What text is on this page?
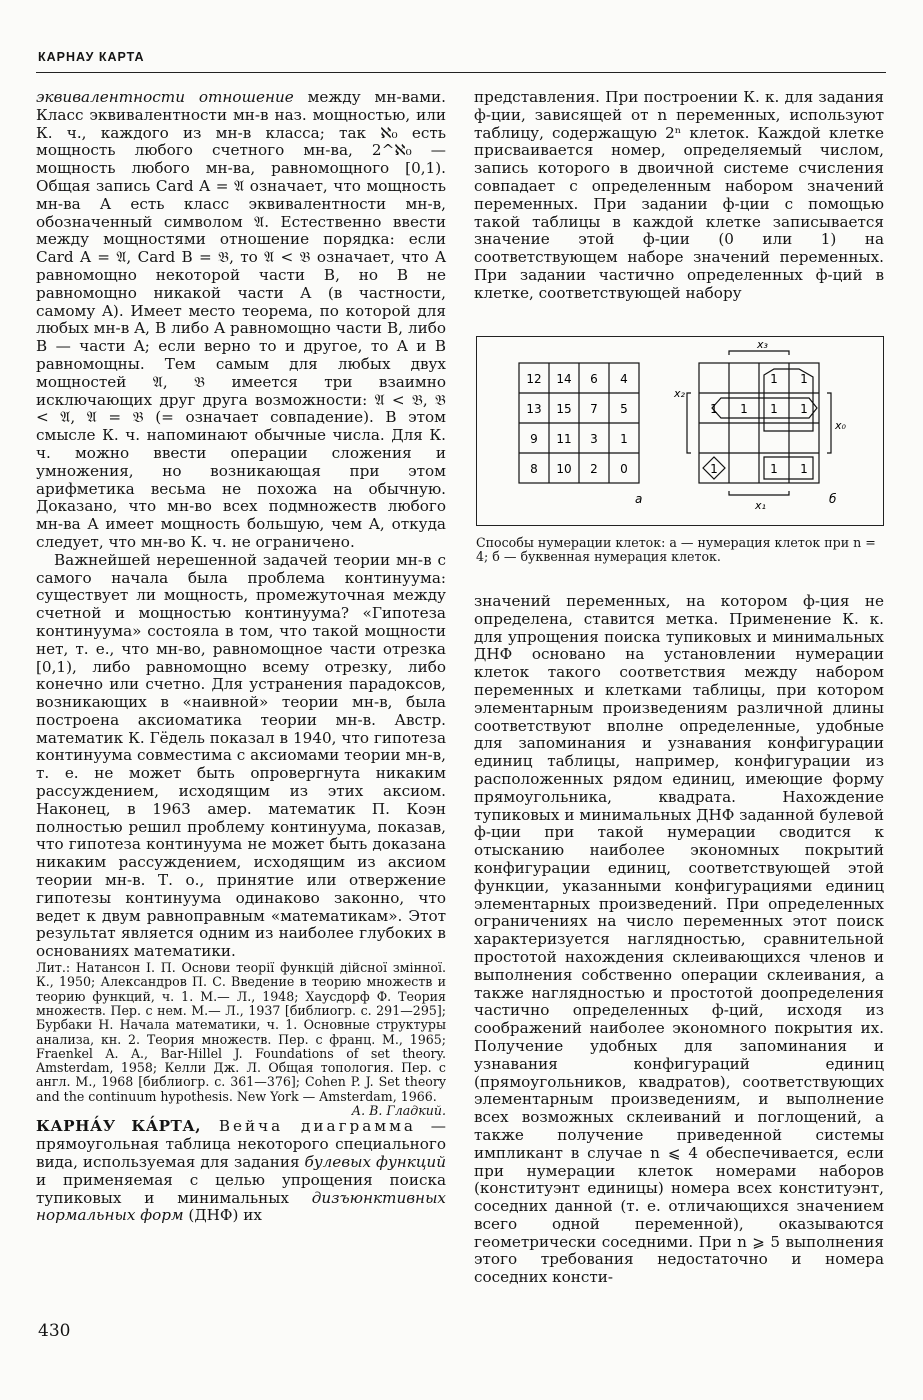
КАРНАУ КАРТА

эквивалентности отношение между мн-вами. Класс эквивалентности мн-в наз. мощностью, или К. ч., каждого из мн-в класса; так ℵ₀ есть мощность любого счетного мн-ва, 2^ℵ₀ — мощность любого мн-ва, равномощного [0,1). Общая запись Card A = 𝔄 означает, что мощность мн-ва A есть класс эквивалентности мн-в, обозначенный символом 𝔄. Естественно ввести между мощностями отношение порядка: если Card A = 𝔄, Card B = 𝔅, то 𝔄 < 𝔅 означает, что A равномощно некоторой части B, но B не равномощно никакой части A (в частности, самому A). Имеет место теорема, по которой для любых мн-в A, B либо A равномощно части B, либо B — части A; если верно то и другое, то A и B равномощны. Тем самым для любых двух мощностей 𝔄, 𝔅 имеется три взаимно исключающих друг друга возможности: 𝔄 < 𝔅, 𝔅 < 𝔄, 𝔄 = 𝔅 (= означает совпадение). В этом смысле К. ч. напоминают обычные числа. Для К. ч. можно ввести операции сложения и умножения, но возникающая при этом арифметика весьма не похожа на обычную. Доказано, что мн-во всех подмножеств любого мн-ва A имеет мощность большую, чем A, откуда следует, что мн-во К. ч. не ограничено.

Важнейшей нерешенной задачей теории мн-в с самого начала была проблема континуума: существует ли мощность, промежуточная между счетной и мощностью континуума? «Гипотеза континуума» состояла в том, что такой мощности нет, т. е., что мн-во, равномощное части отрезка [0,1), либо равномощно всему отрезку, либо конечно или счетно. Для устранения парадоксов, возникающих в «наивной» теории мн-в, была построена аксиоматика теории мн-в. Австр. математик К. Гёдель показал в 1940, что гипотеза континуума совместима с аксиомами теории мн-в, т. е. не может быть опровергнута никаким рассуждением, исходящим из этих аксиом. Наконец, в 1963 амер. математик П. Коэн полностью решил проблему континуума, показав, что гипотеза континуума не может быть доказана никаким рассуждением, исходящим из аксиом теории мн-в. Т. о., принятие или отвержение гипотезы континуума одинаково законно, что ведет к двум равноправным «математикам». Этот результат является одним из наиболее глубоких в основаниях математики.

Лит.: Натансон І. П. Основи теорії функцій дійсної змінної. К., 1950; Александров П. С. Введение в теорию множеств и теорию функций, ч. 1. М.— Л., 1948; Хаусдорф Ф. Теория множеств. Пер. с нем. М.— Л., 1937 [библиогр. с. 291—295]; Бурбаки Н. Начала математики, ч. 1. Основные структуры анализа, кн. 2. Теория множеств. Пер. с франц. М., 1965; Fraenkel A. A., Bar-Hillel J. Foundations of set theory. Amsterdam, 1958; Келли Дж. Л. Общая топология. Пер. с англ. М., 1968 [библиогр. с. 361—376]; Cohen P. J. Set theory and the continuum hypothesis. New York — Amsterdam, 1966.
А. В. Гладкий.

КАРНА́У КА́РТА, Вейча диаграмма — прямоугольная таблица некоторого специального вида, используемая для задания булевых функций и применяемая с целью упрощения поиска тупиковых и минимальных дизъюнктивных нормальных форм (ДНФ) их

представления. При построении К. к. для задания ф-ции, зависящей от n переменных, используют таблицу, содержащую 2ⁿ клеток. Каждой клетке присваивается номер, определяемый числом, запись которого в двоичной системе счисления совпадает с определенным набором значений переменных. При задании ф-ции с помощью такой таблицы в каждой клетке записывается значение этой ф-ции (0 или 1) на соответствующем наборе значений переменных. При задании частично определенных ф-ций в клетке, соответствующей набору

12 14 6 4
13 15 7 5
9 11 3 1
8 10 2 0
1 1
1 1 1 1
1	1 1
x₃
x₂
x₀
x₁
а	б
Способы нумерации клеток: а — нумерация клеток при n = 4; б — буквенная нумерация клеток.

значений переменных, на котором ф-ция не определена, ставится метка. Применение К. к. для упрощения поиска тупиковых и минимальных ДНФ основано на установлении нумерации клеток такого соответствия между набором переменных и клетками таблицы, при котором элементарным произведениям различной длины соответствуют вполне определенные, удобные для запоминания и узнавания конфигурации единиц таблицы, например, конфигурации из расположенных рядом единиц, имеющие форму прямоугольника, квадрата. Нахождение тупиковых и минимальных ДНФ заданной булевой ф-ции при такой нумерации сводится к отысканию наиболее экономных покрытий конфигурации единиц, соответствующей этой функции, указанными конфигурациями единиц элементарных произведений. При определенных ограничениях на число переменных этот поиск характеризуется наглядностью, сравнительной простотой нахождения склеивающихся членов и выполнения собственно операции склеивания, а также наглядностью и простотой доопределения частично определенных ф-ций, исходя из соображений наиболее экономного покрытия их. Получение удобных для запоминания и узнавания конфигураций единиц (прямоугольников, квадратов), соответствующих элементарным произведениям, и выполнение всех возможных склеиваний и поглощений, а также получение приведенной системы импликант в случае n ⩽ 4 обеспечивается, если при нумерации клеток номерами наборов (конституэнт единицы) номера всех конституэнт, соседних данной (т. е. отличающихся значением всего одной переменной), оказываются геометрически соседними. При n ⩾ 5 выполнения этого требования недостаточно и номера соседних консти-

430
